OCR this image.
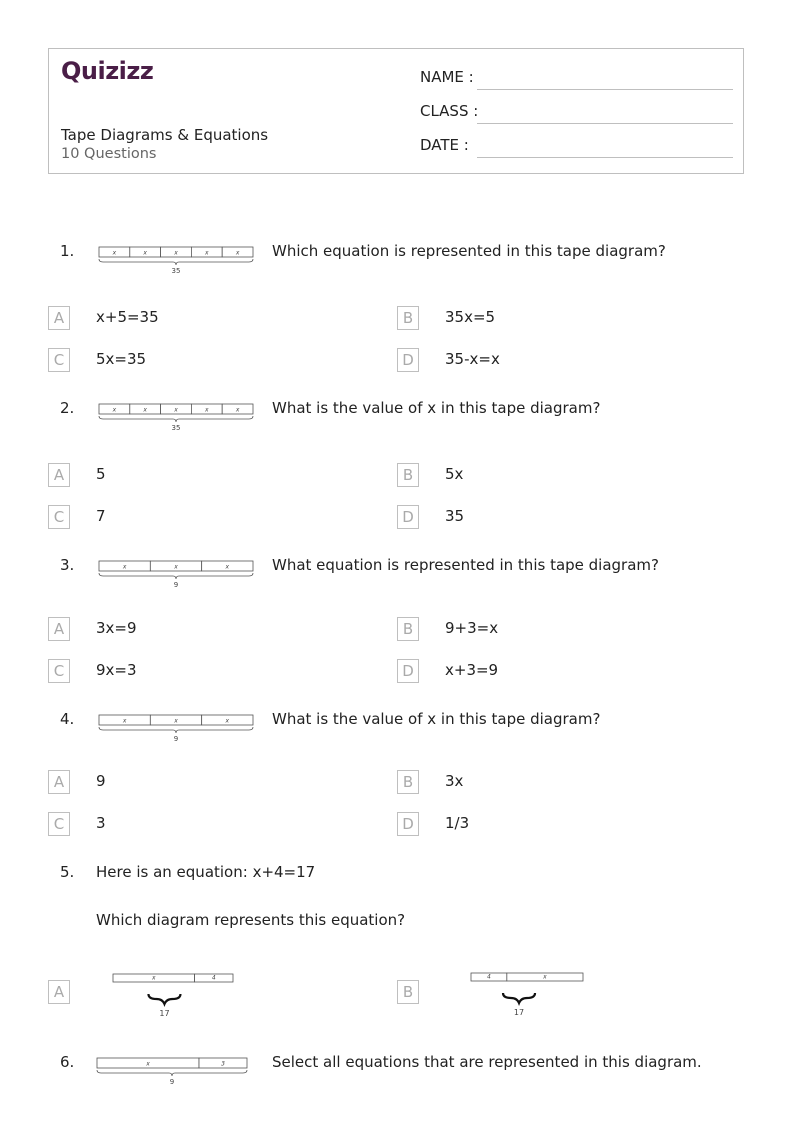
Quizizz
Tape Diagrams & Equations
10 Questions
NAME :
CLASS :
DATE :
1.	x	x	x	x	x
35
Which equation is represented in this tape diagram?
A	x+5=35	B	35x=5
C	5x=35	D	35-x=x
2.	x	x	x	x	x
35
What is the value of x in this tape diagram?
A	5	B	5x
C	7	D	35
3.	x	x	x
9
What equation is represented in this tape diagram?
A	3x=9	B	9+3=x
C	9x=3	D	x+3=9
4.	x	x	x
9
What is the value of x in this tape diagram?
A	9	B	3x
C	3	D	1/3
5. Here is an equation: x+4=17
Which diagram represents this equation?
A
x	4
17
B
4	x
17
6.	x	3
9
Select all equations that are represented in this diagram.
